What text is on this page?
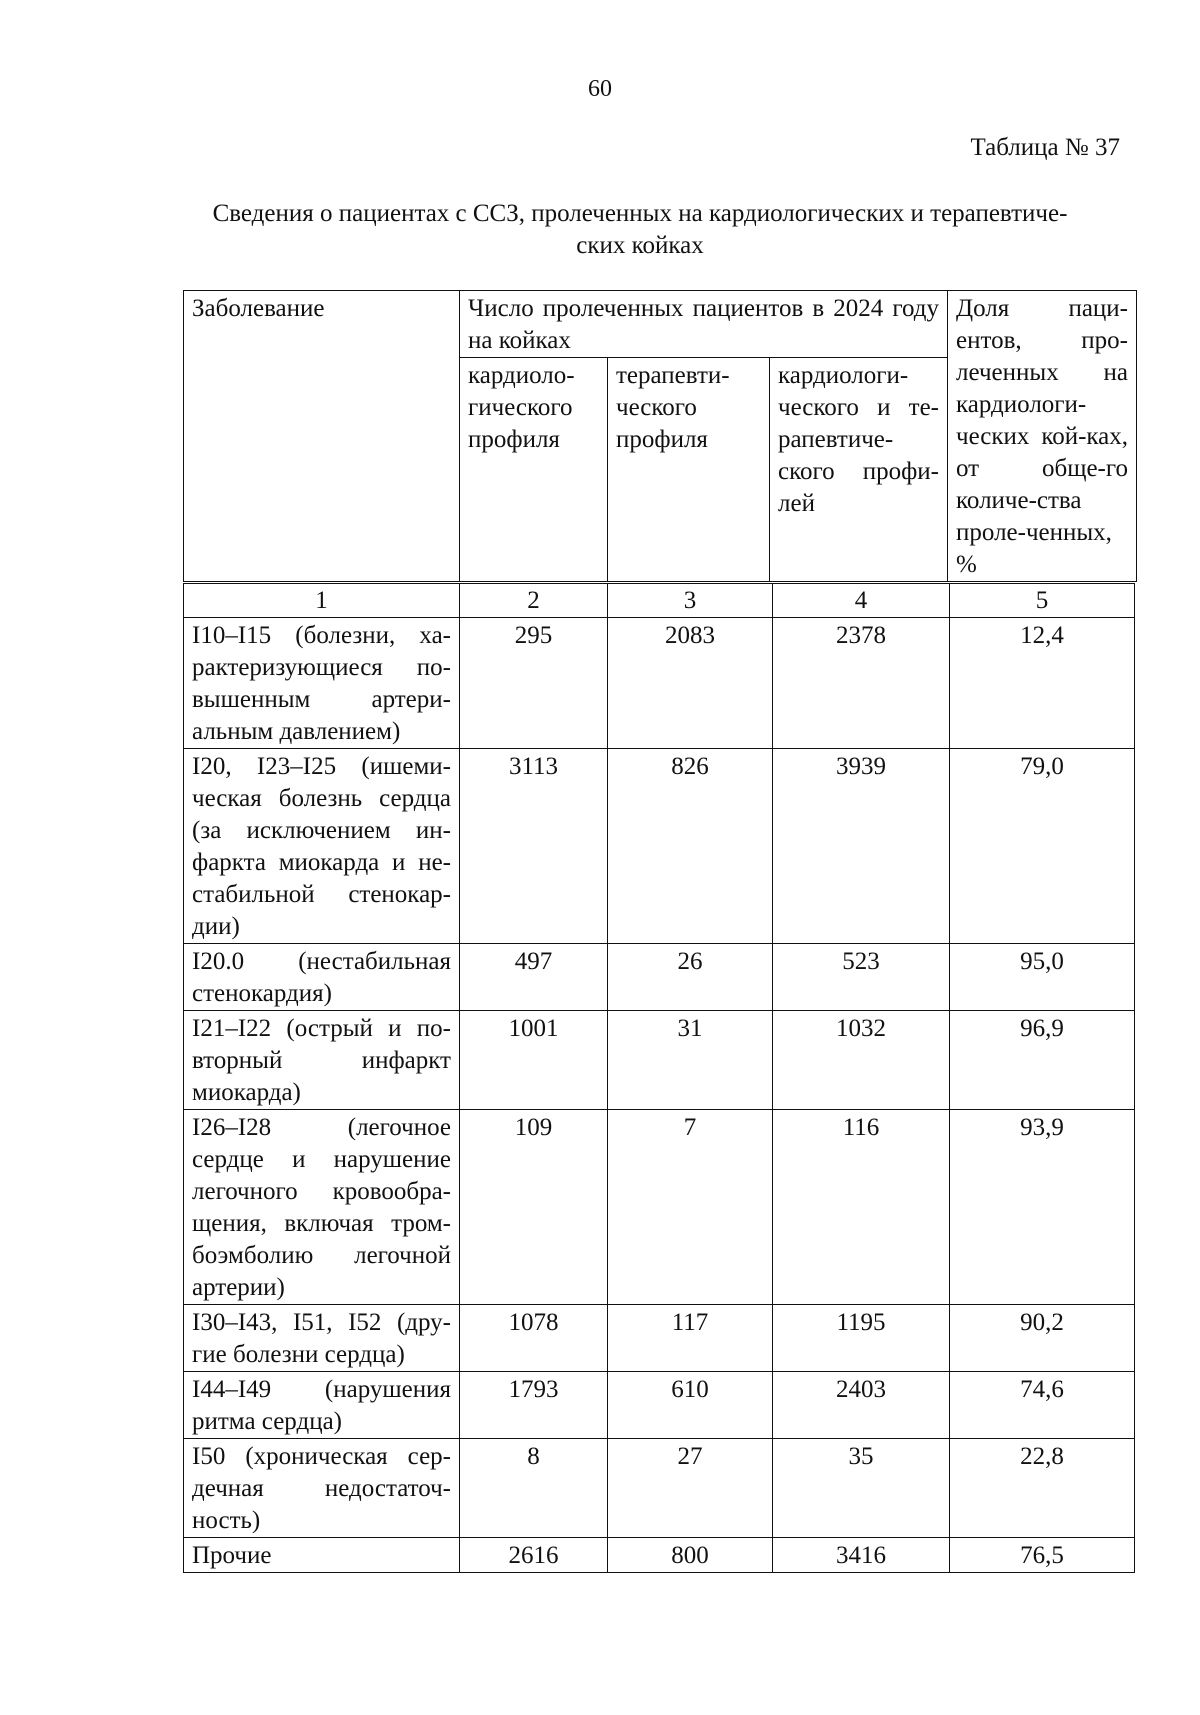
60
Таблица № 37
Сведения о пациентах с ССЗ, пролеченных на кардиологических и терапевтиче-
ских койках
Заболевание	Число пролеченных пациентов в 2024 году на койках			Доля паци-ентов, про-леченных на кардиологи-ческих кой-ках, от обще-го количе-ства проле-ченных, %
	кардиоло-гического профиля	терапевти-ческого профиля	кардиологи-ческого и те-рапевтиче-ского профи-лей	
1	2	3	4	5
I10–I15 (болезни, ха-рактеризующиеся по-вышенным артери-альным давлением)	295	2083	2378	12,4
I20, I23–I25 (ишеми-ческая болезнь сердца (за исключением ин-фаркта миокарда и не-стабильной стенокар-дии)	3113	826	3939	79,0
I20.0 (нестабильная стенокардия)	497	26	523	95,0
I21–I22 (острый и по-вторный инфаркт миокарда)	1001	31	1032	96,9
I26–I28 (легочное сердце и нарушение легочного кровообра-щения, включая тром-боэмболию легочной артерии)	109	7	116	93,9
I30–I43, I51, I52 (дру-гие болезни сердца)	1078	117	1195	90,2
I44–I49 (нарушения ритма сердца)	1793	610	2403	74,6
I50 (хроническая сер-дечная недостаточ-ность)	8	27	35	22,8
Прочие	2616	800	3416	76,5
